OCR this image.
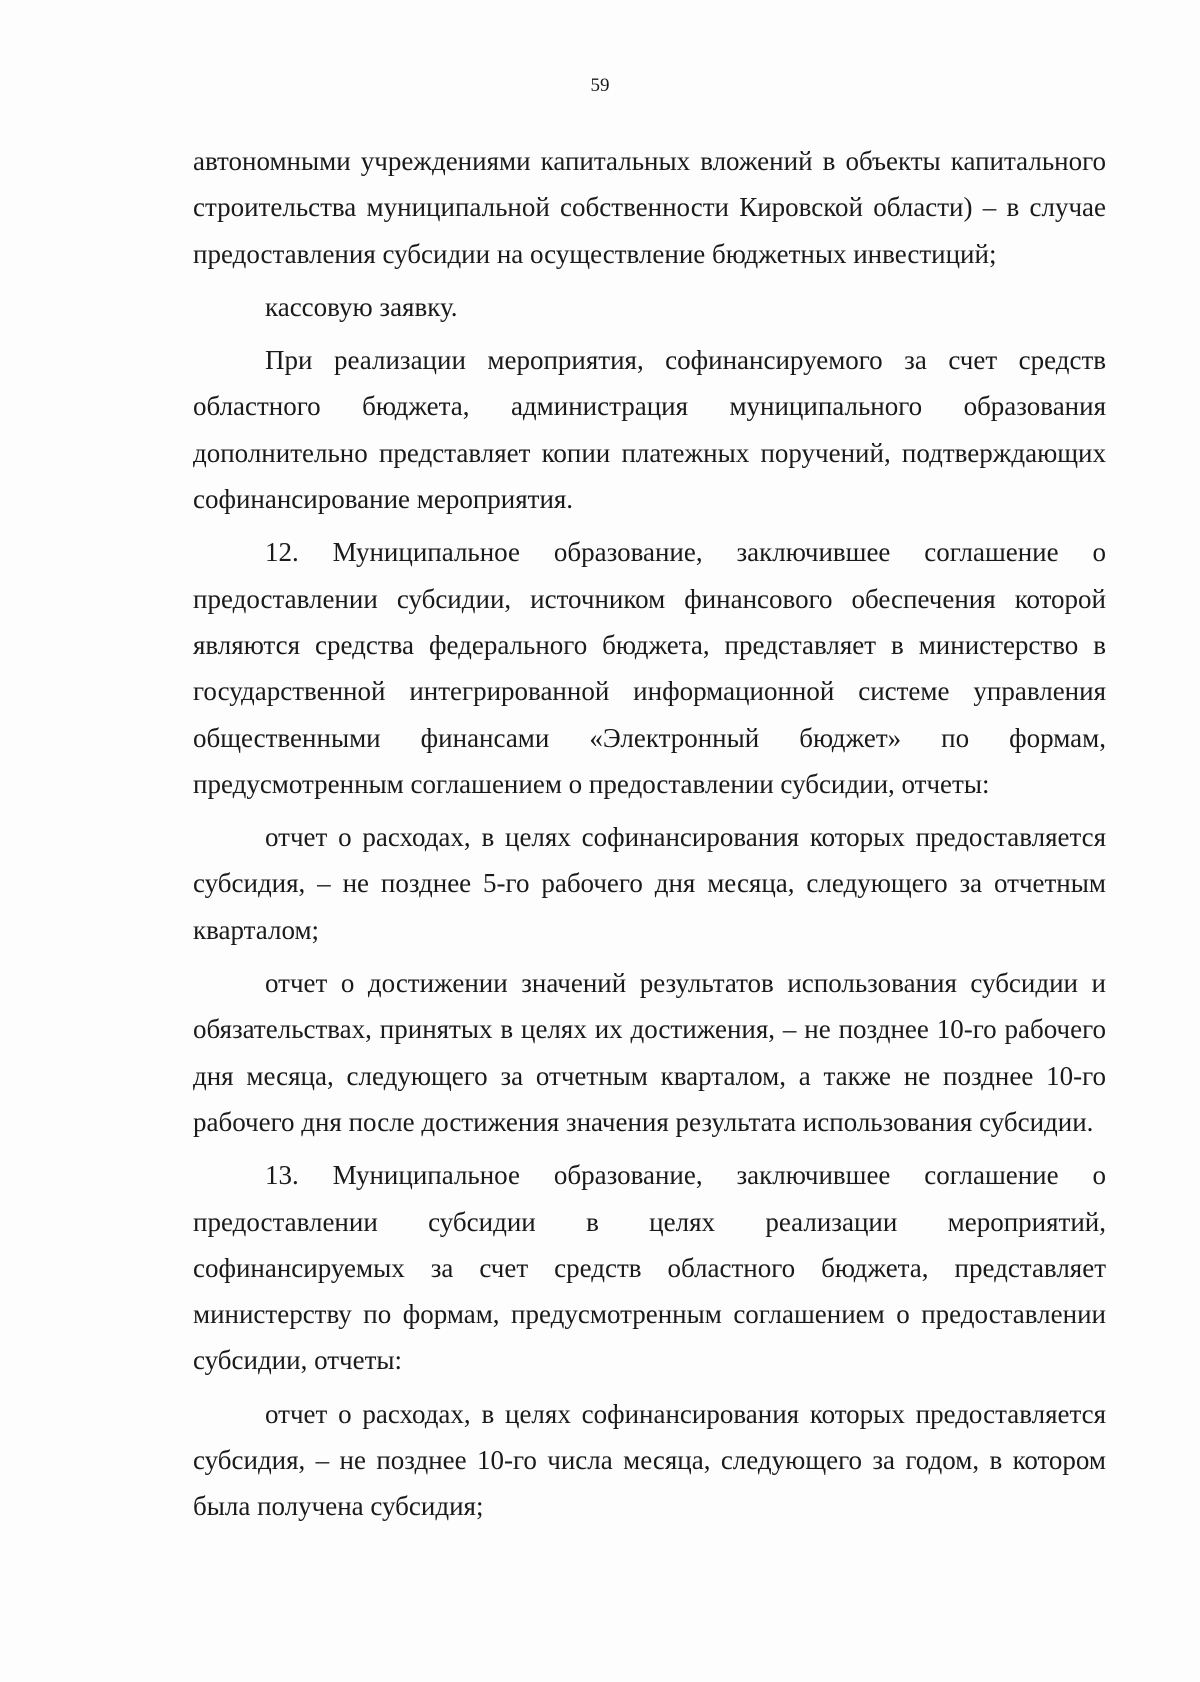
59

автономными учреждениями капитальных вложений в объекты капитального строительства муниципальной собственности Кировской области) – в случае предоставления субсидии на осуществление бюджетных инвестиций;

кассовую заявку.

При реализации мероприятия, софинансируемого за счет средств областного бюджета, администрация муниципального образования дополнительно представляет копии платежных поручений, подтверждающих софинансирование мероприятия.

12. Муниципальное образование, заключившее соглашение о предоставлении субсидии, источником финансового обеспечения которой являются средства федерального бюджета, представляет в министерство в государственной интегрированной информационной системе управления общественными финансами «Электронный бюджет» по формам, предусмотренным соглашением о предоставлении субсидии, отчеты:

отчет о расходах, в целях софинансирования которых предоставляется субсидия, – не позднее 5-го рабочего дня месяца, следующего за отчетным кварталом;

отчет о достижении значений результатов использования субсидии и обязательствах, принятых в целях их достижения, – не позднее 10-го рабочего дня месяца, следующего за отчетным кварталом, а также не позднее 10-го рабочего дня после достижения значения результата использования субсидии.

13. Муниципальное образование, заключившее соглашение о предоставлении субсидии в целях реализации мероприятий, софинансируемых за счет средств областного бюджета, представляет министерству по формам, предусмотренным соглашением о предоставлении субсидии, отчеты:

отчет о расходах, в целях софинансирования которых предоставляется субсидия, – не позднее 10-го числа месяца, следующего за годом, в котором была получена субсидия;
